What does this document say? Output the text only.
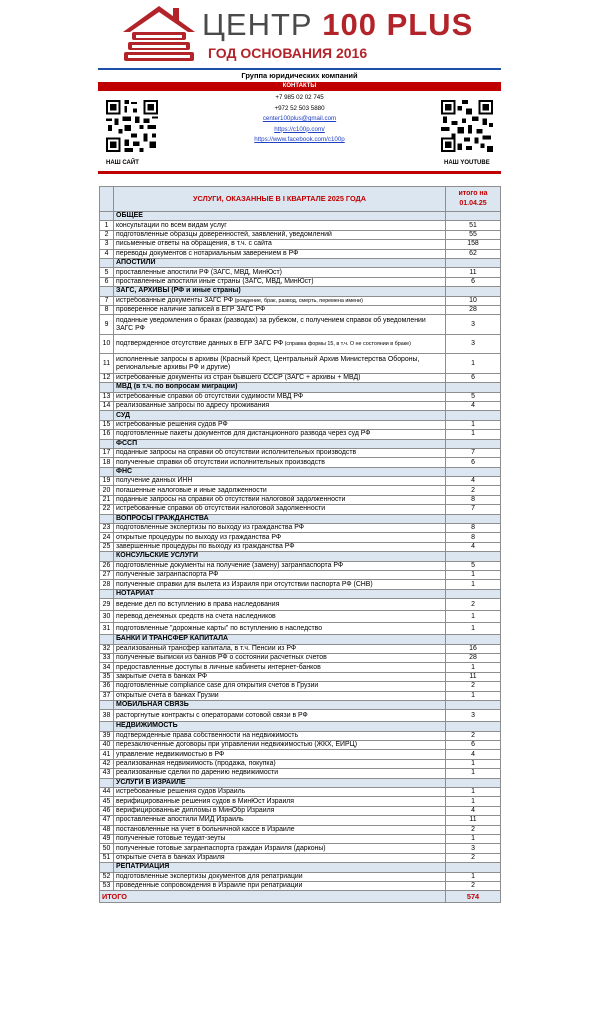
ЦЕНТР 100 PLUS
ГОД ОСНОВАНИЯ 2016
Группа юридических компаний
КОНТАКТЫ
+7 985 02 02 745
+972 52 503 5880
center100plus@gmail.com
https://c100p.com/
https://www.facebook.com/c100p
НАШ САЙТ	НАШ YOUTUBE
	УСЛУГИ, ОКАЗАННЫЕ В I КВАРТАЛЕ 2025 ГОДА	итого на
01.04.25
	ОБЩЕЕ	
1	консультации по всем видам услуг	51
2	подготовленные образцы доверенностей, заявлений, уведомлений	55
3	письменные ответы на обращения, в т.ч. с сайта	158
4	переводы документов с нотариальным заверением в РФ	62
	АПОСТИЛИ	
5	проставленные апостили РФ (ЗАГС, МВД, МинЮст)	11
6	проставленные апостили иные страны (ЗАГС, МВД, МинЮст)	6
	ЗАГС, АРХИВЫ (РФ и иные страны)	
7	истребованные документы ЗАГС РФ (рождение, брак, развод, смерть, перемена имени)	10
8	проверенное наличие записей в ЕГР ЗАГС РФ	28
9	поданные уведомления о браках (разводах) за рубежом, с получением справок об уведомлении ЗАГС РФ	3
10	подтвержденное отсутствие данных в ЕГР ЗАГС РФ (справка формы 15, в т.ч. О не состоянии в браке)	3
11	исполненные запросы в архивы (Красный Крест, Центральный Архив Министерства Обороны, региональные архивы РФ и другие)	1
12	истребованные документы из стран бывшего СССР (ЗАГС + архивы + МВД)	6
	МВД (в т.ч. по вопросам миграции)	
13	истребованные справки об отсутствии судимости МВД РФ	5
14	реализованные запросы по адресу проживания	4
	СУД	
15	истребованные решения судов РФ	1
16	подготовленные пакеты документов для дистанционного развода через суд РФ	1
	ФССП	
17	поданные запросы на справки об отсутствии исполнительных производств	7
18	полученные справки об отсутствии исполнительных производств	6
	ФНС	
19	получение данных ИНН	4
20	погашенные налоговые и иные задолженности	2
21	поданные запросы на справки об отсутствии налоговой задолженности	8
22	истребованные справки об отсутствии налоговой задолженности	7
	ВОПРОСЫ ГРАЖДАНСТВА	
23	подготовленные экспертизы по выходу из гражданства РФ	8
24	открытые процедуры по выходу из гражданства РФ	8
25	завершенные процедуры по выходу из гражданства РФ	4
	КОНСУЛЬСКИЕ УСЛУГИ	
26	подготовленные документы на получение (замену) загранпаспорта РФ	5
27	полученные загранпаспорта РФ	1
28	полученные справки для вылета из Израиля при отсутствии паспорта РФ (СНВ)	1
	НОТАРИАТ	
29	ведение дел по вступлению в права наследования	2
30	перевод денежных средств на счета наследников	1
31	подготовленные "дорожные карты" по вступлению в наследство	1
	БАНКИ И ТРАНСФЕР КАПИТАЛА	
32	реализованный трансфер капитала, в т.ч. Пенсии из РФ	16
33	полученные выписки из банков РФ о состоянии расчетных счетов	28
34	предоставленные доступы в личные кабинеты интернет-банков	1
35	закрытые счета в банках РФ	11
36	подготовленные compliance case для открытия счетов в Грузии	2
37	открытые счета в банках Грузии	1
	МОБИЛЬНАЯ СВЯЗЬ	
38	расторгнутые контракты с операторами сотовой связи в РФ	3
	НЕДВИЖИМОСТЬ	
39	подтвержденные права собственности на недвижимость	2
40	перезаключенные договоры при управлении недвижимостью (ЖКХ, ЕИРЦ)	6
41	управление недвижимостью в РФ	4
42	реализованная недвижимость (продажа, покупка)	1
43	реализованные сделки по дарению недвижимости	1
	УСЛУГИ В ИЗРАИЛЕ	
44	истребованные решения судов Израиль	1
45	верифицированные решения судов в МинЮст Израиля	1
46	верифицированные дипломы в МинОбр Израиля	4
47	проставленные апостили МИД Израиль	11
48	постановленные на учет в больничной кассе в Израиле	2
49	полученные готовые теудат-зеуты	1
50	полученные готовые загранпаспорта граждан Израиля (дарконы)	3
51	открытые счета в банках Израиля	2
	РЕПАТРИАЦИЯ	
52	подготовленные экспертизы документов для репатриации	1
53	проведенные сопровождения в Израиле при репатриации	2
ИТОГО		574
